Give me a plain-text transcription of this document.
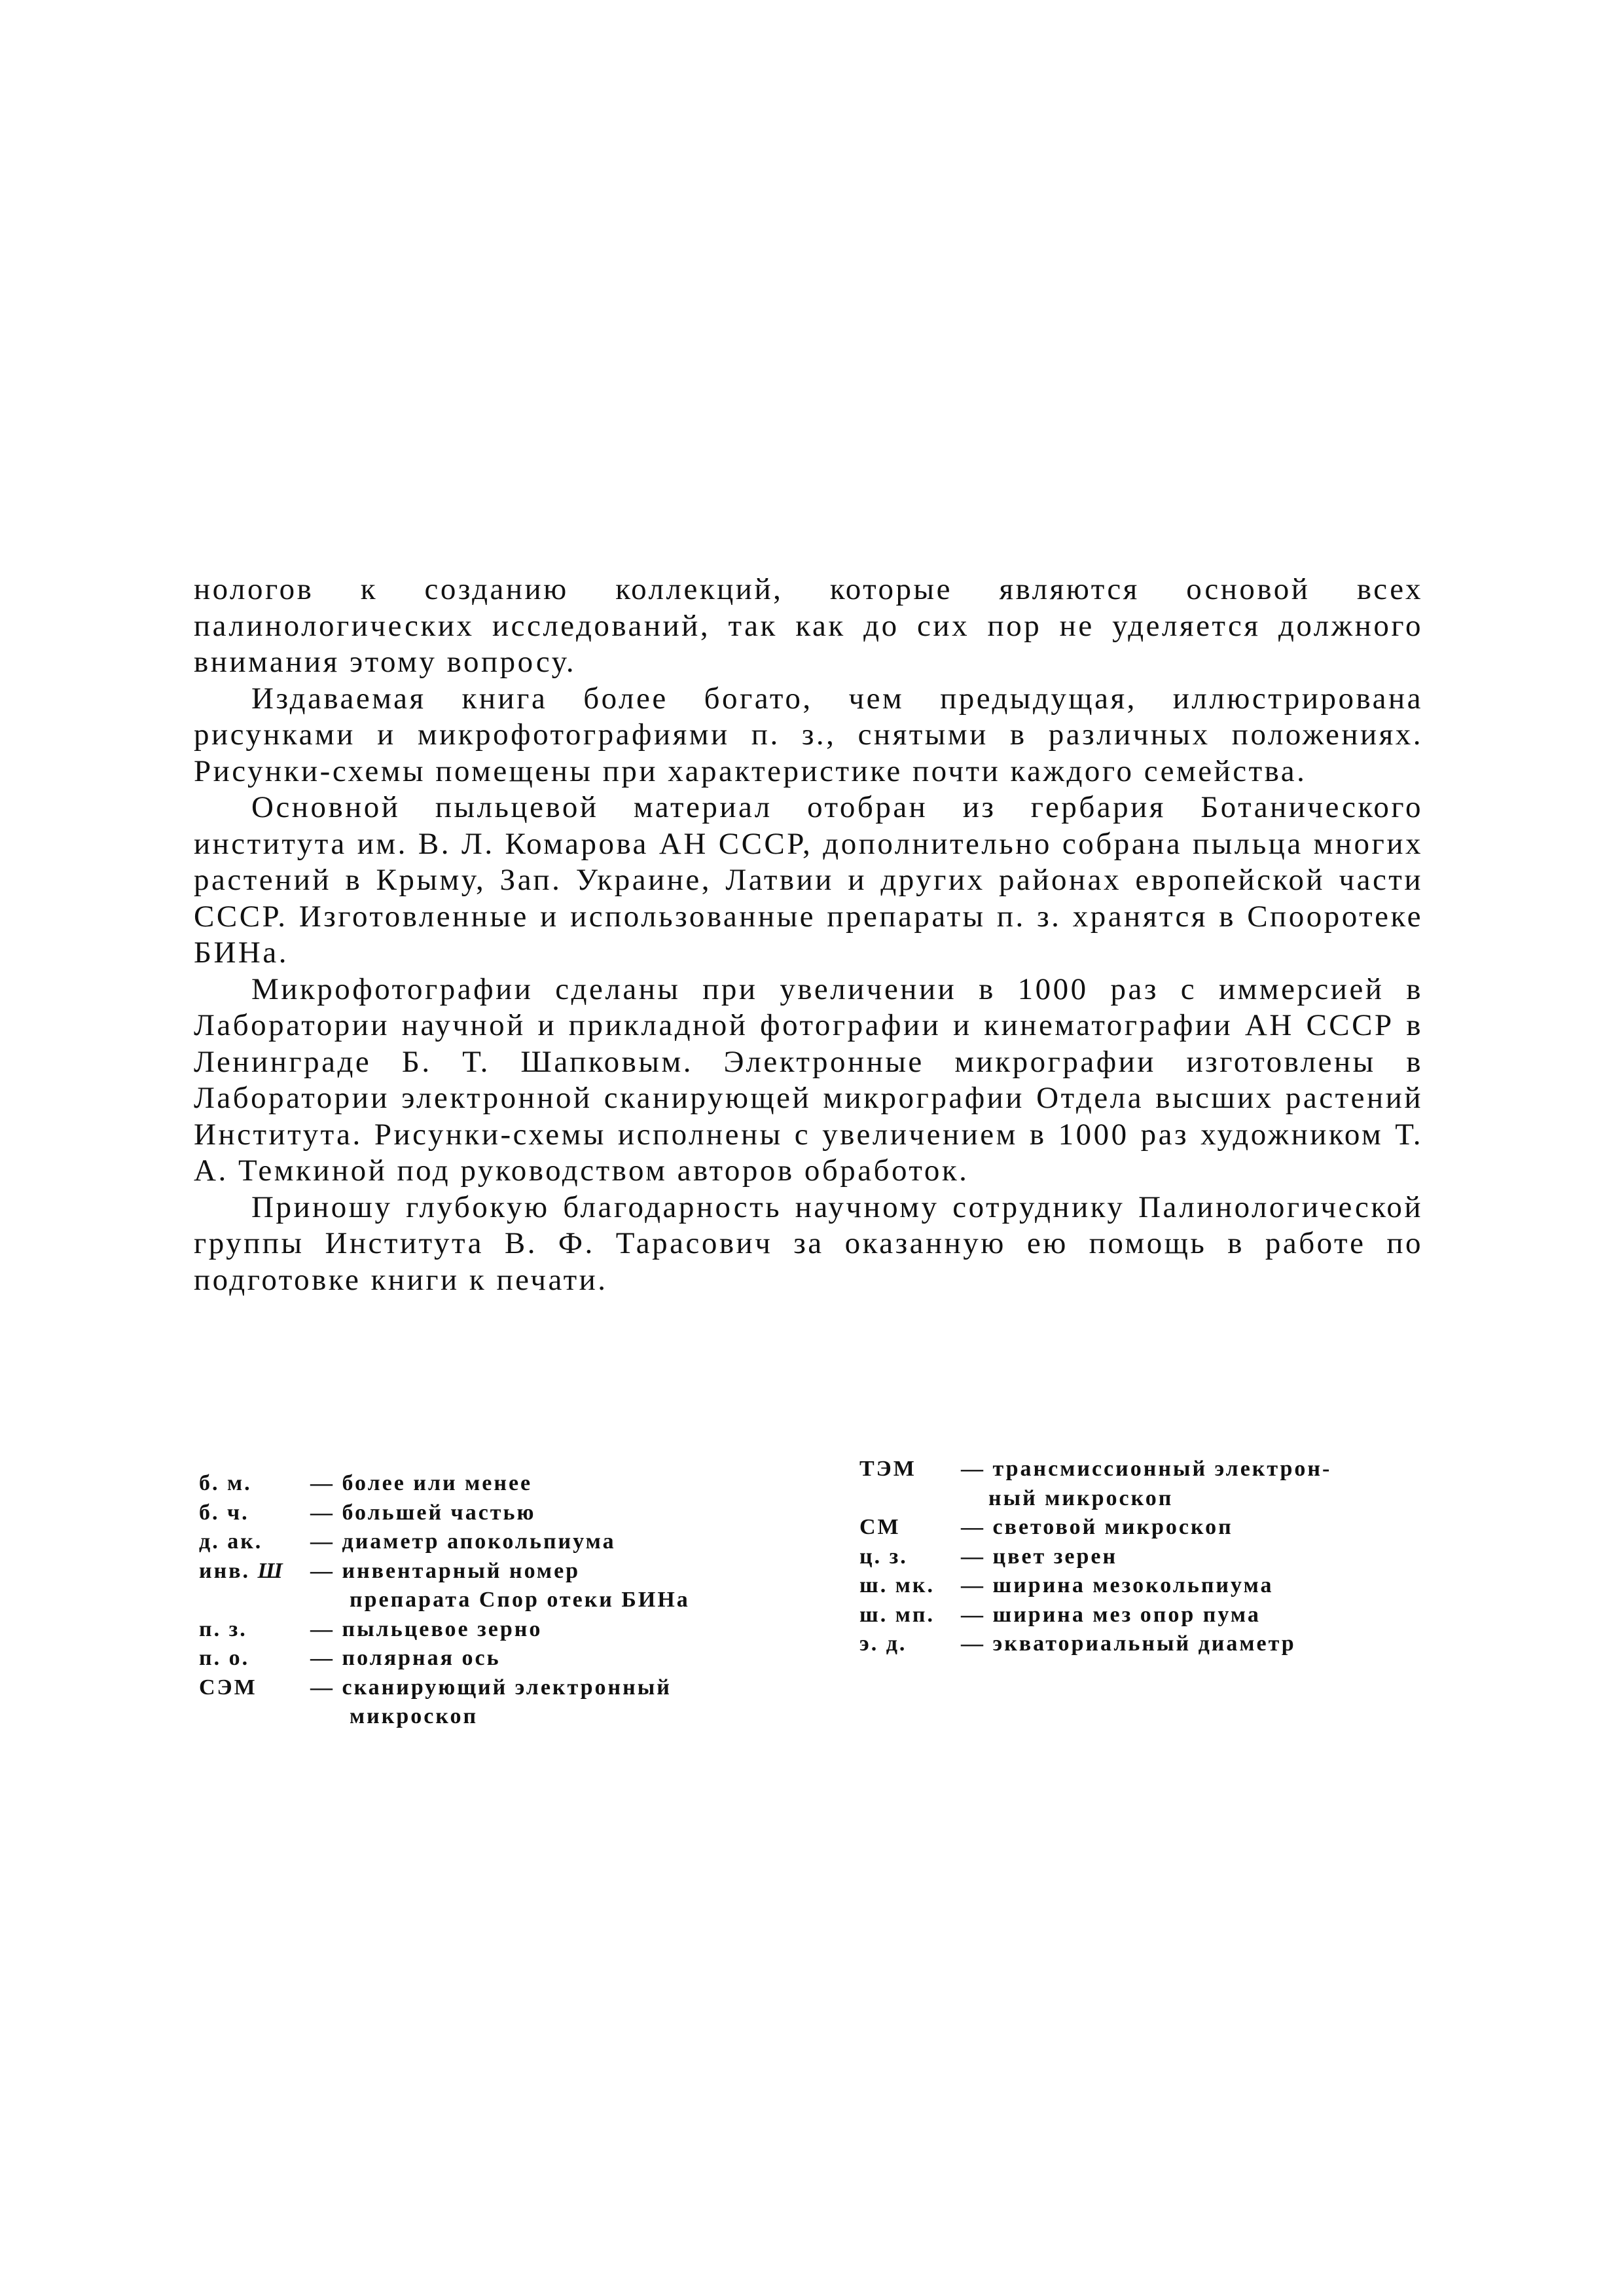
нологов к созданию коллекций, которые являются основой всех палинологических исследований, так как до сих пор не уделяется должного внимания этому вопросу.

Издаваемая книга более богато, чем предыдущая, иллюстрирована рисунками и микрофотографиями п. з., снятыми в различных положениях. Рисунки-схемы помещены при характеристике почти каждого семейства.

Основной пыльцевой материал отобран из гербария Ботанического института им. В. Л. Комарова АН СССР, дополнительно собрана пыльца многих растений в Крыму, Зап. Украине, Латвии и других районах европейской части СССР. Изготовленные и использованные препараты п. з. хранятся в Спооротеке БИНа.

Микрофотографии сделаны при увеличении в 1000 раз с иммерсией в Лаборатории научной и прикладной фотографии и кинематографии АН СССР в Ленинграде Б. Т. Шапковым. Электронные микрографии изготовлены в Лаборатории электронной сканирующей микрографии Отдела высших растений Института. Рисунки-схемы исполнены с увеличением в 1000 раз художником Т. А. Темкиной под руководством авторов обработок.

Приношу глубокую благодарность научному сотруднику Палинологической группы Института В. Ф. Тарасович за оказанную ею помощь в работе по подготовке книги к печати.

б. м.	— более или менее
б. ч.	— большей частью
д. ак.	— диаметр апокольпиума
инв. Ш	— инвентарный номер
препарата Спор отеки БИНа
п. з.	— пыльцевое зерно
п. о.	— полярная ось
СЭМ	— сканирующий электронный
микроскоп
ТЭМ	— трансмиссионный электрон-
ный микроскоп
СМ	— световой микроскоп
ц. з.	— цвет зерен
ш. мк.	— ширина мезокольпиума
ш. мп.	— ширина мез опор пума
э. д.	— экваториальный диаметр
